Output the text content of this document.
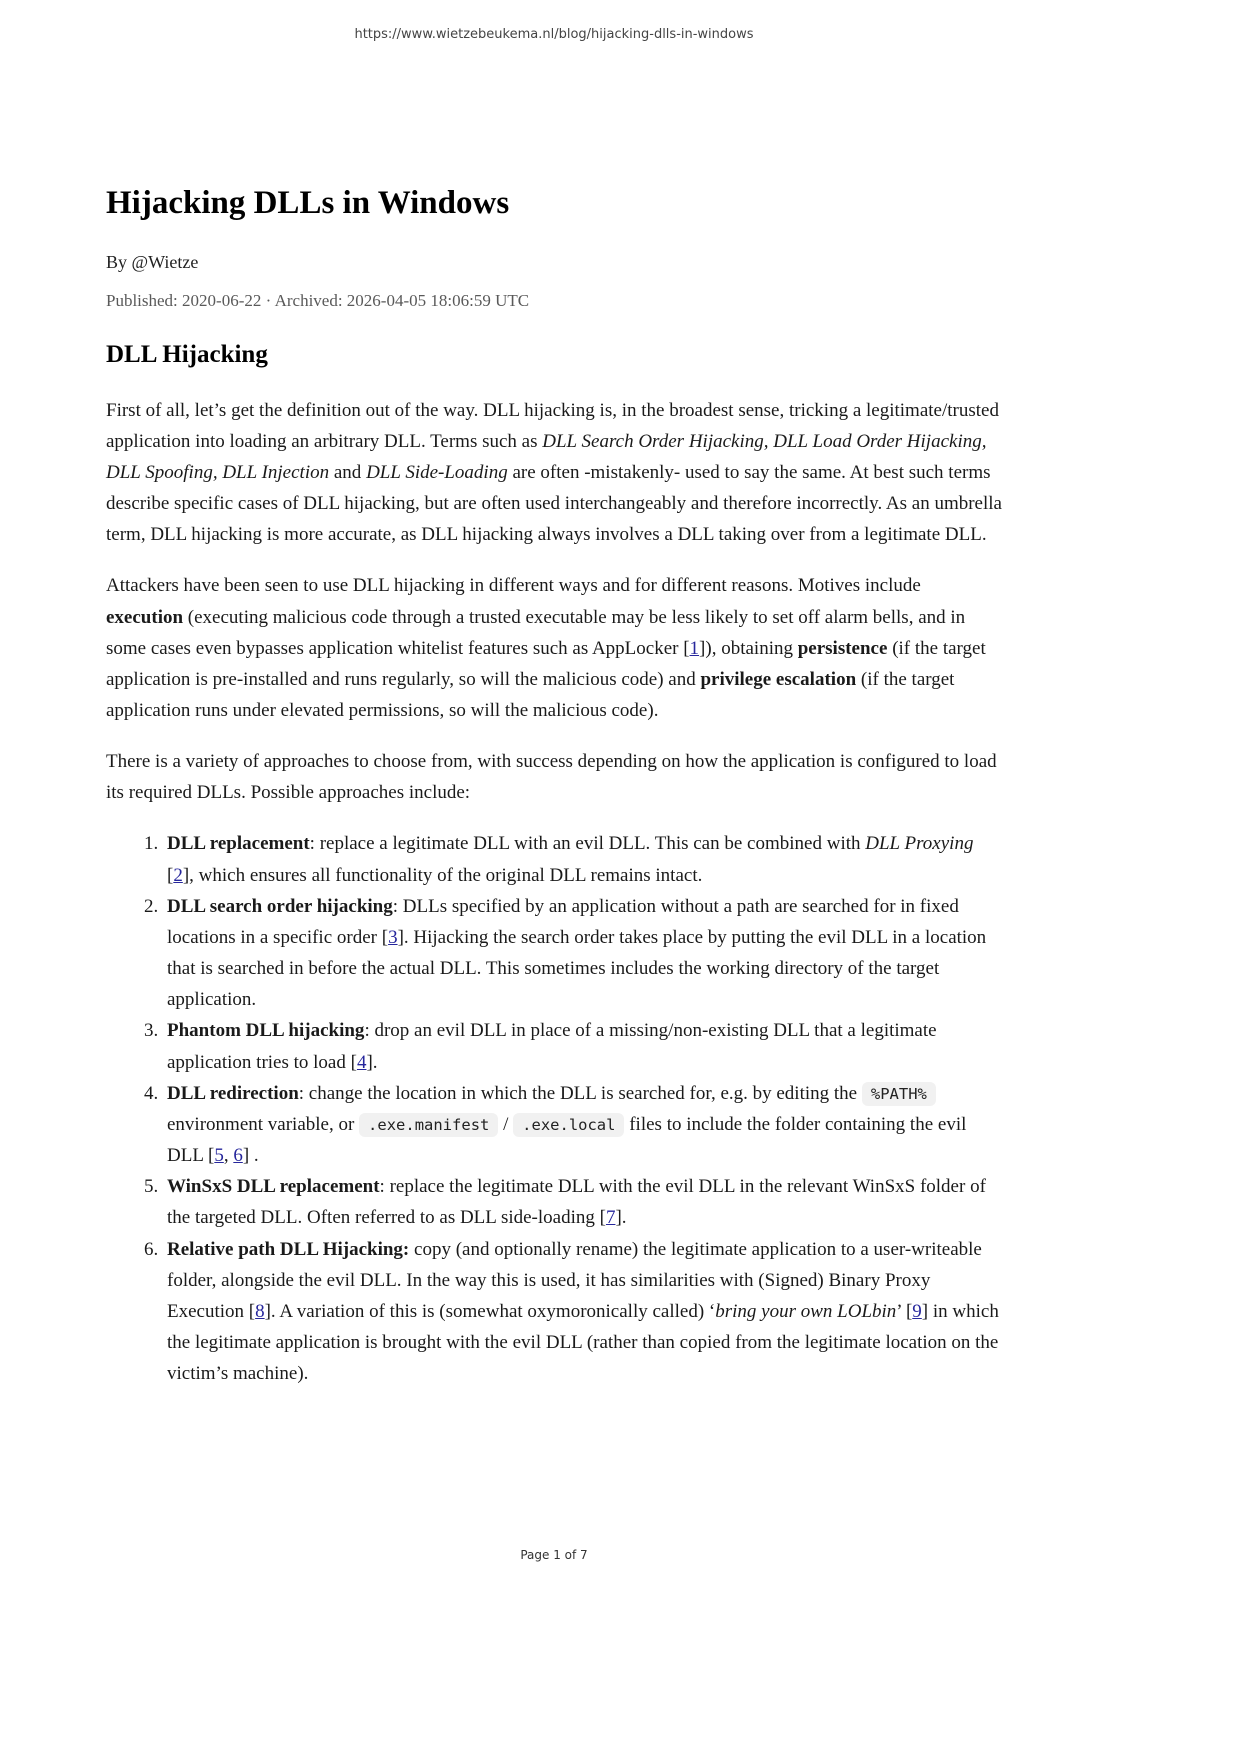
https://www.wietzebeukema.nl/blog/hijacking-dlls-in-windows
Hijacking DLLs in Windows

By @Wietze

Published: 2020-06-22 · Archived: 2026-04-05 18:06:59 UTC

DLL Hijacking

First of all, let’s get the definition out of the way. DLL hijacking is, in the broadest sense, tricking a legitimate/trusted application into loading an arbitrary DLL. Terms such as DLL Search Order Hijacking, DLL Load Order Hijacking, DLL Spoofing, DLL Injection and DLL Side-Loading are often -mistakenly- used to say the same. At best such terms describe specific cases of DLL hijacking, but are often used interchangeably and therefore incorrectly. As an umbrella term, DLL hijacking is more accurate, as DLL hijacking always involves a DLL taking over from a legitimate DLL.

Attackers have been seen to use DLL hijacking in different ways and for different reasons. Motives include execution (executing malicious code through a trusted executable may be less likely to set off alarm bells, and in some cases even bypasses application whitelist features such as AppLocker [1]), obtaining persistence (if the target application is pre-installed and runs regularly, so will the malicious code) and privilege escalation (if the target application runs under elevated permissions, so will the malicious code).

There is a variety of approaches to choose from, with success depending on how the application is configured to load its required DLLs. Possible approaches include:

1. DLL replacement: replace a legitimate DLL with an evil DLL. This can be combined with DLL Proxying [2], which ensures all functionality of the original DLL remains intact.
2. DLL search order hijacking: DLLs specified by an application without a path are searched for in fixed locations in a specific order [3]. Hijacking the search order takes place by putting the evil DLL in a location that is searched in before the actual DLL. This sometimes includes the working directory of the target application.
3. Phantom DLL hijacking: drop an evil DLL in place of a missing/non-existing DLL that a legitimate application tries to load [4].
4. DLL redirection: change the location in which the DLL is searched for, e.g. by editing the %PATH% environment variable, or .exe.manifest / .exe.local files to include the folder containing the evil DLL [5, 6] .
5. WinSxS DLL replacement: replace the legitimate DLL with the evil DLL in the relevant WinSxS folder of the targeted DLL. Often referred to as DLL side-loading [7].
6. Relative path DLL Hijacking: copy (and optionally rename) the legitimate application to a user-writeable folder, alongside the evil DLL. In the way this is used, it has similarities with (Signed) Binary Proxy Execution [8]. A variation of this is (somewhat oxymoronically called) ‘bring your own LOLbin’ [9] in which the legitimate application is brought with the evil DLL (rather than copied from the legitimate location on the victim’s machine).
Page 1 of 7
